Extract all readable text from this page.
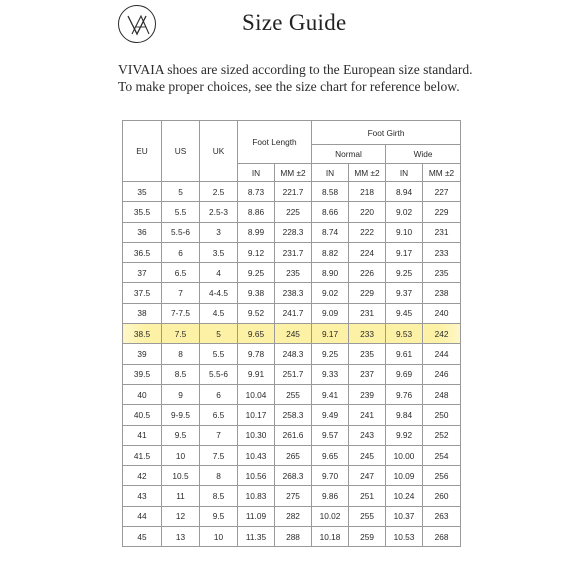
Size Guide
VIVAIA shoes are sized according to the European size standard.
To make proper choices, see the size chart for reference below.
EU	US	UK	Foot Length		Foot Girth			
					Normal		Wide	
			IN	MM ±2	IN	MM ±2	IN	MM ±2
35	5	2.5	8.73	221.7	8.58	218	8.94	227
35.5	5.5	2.5-3	8.86	225	8.66	220	9.02	229
36	5.5-6	3	8.99	228.3	8.74	222	9.10	231
36.5	6	3.5	9.12	231.7	8.82	224	9.17	233
37	6.5	4	9.25	235	8.90	226	9.25	235
37.5	7	4-4.5	9.38	238.3	9.02	229	9.37	238
38	7-7.5	4.5	9.52	241.7	9.09	231	9.45	240
38.5	7.5	5	9.65	245	9.17	233	9.53	242
39	8	5.5	9.78	248.3	9.25	235	9.61	244
39.5	8.5	5.5-6	9.91	251.7	9.33	237	9.69	246
40	9	6	10.04	255	9.41	239	9.76	248
40.5	9-9.5	6.5	10.17	258.3	9.49	241	9.84	250
41	9.5	7	10.30	261.6	9.57	243	9.92	252
41.5	10	7.5	10.43	265	9.65	245	10.00	254
42	10.5	8	10.56	268.3	9.70	247	10.09	256
43	11	8.5	10.83	275	9.86	251	10.24	260
44	12	9.5	11.09	282	10.02	255	10.37	263
45	13	10	11.35	288	10.18	259	10.53	268
